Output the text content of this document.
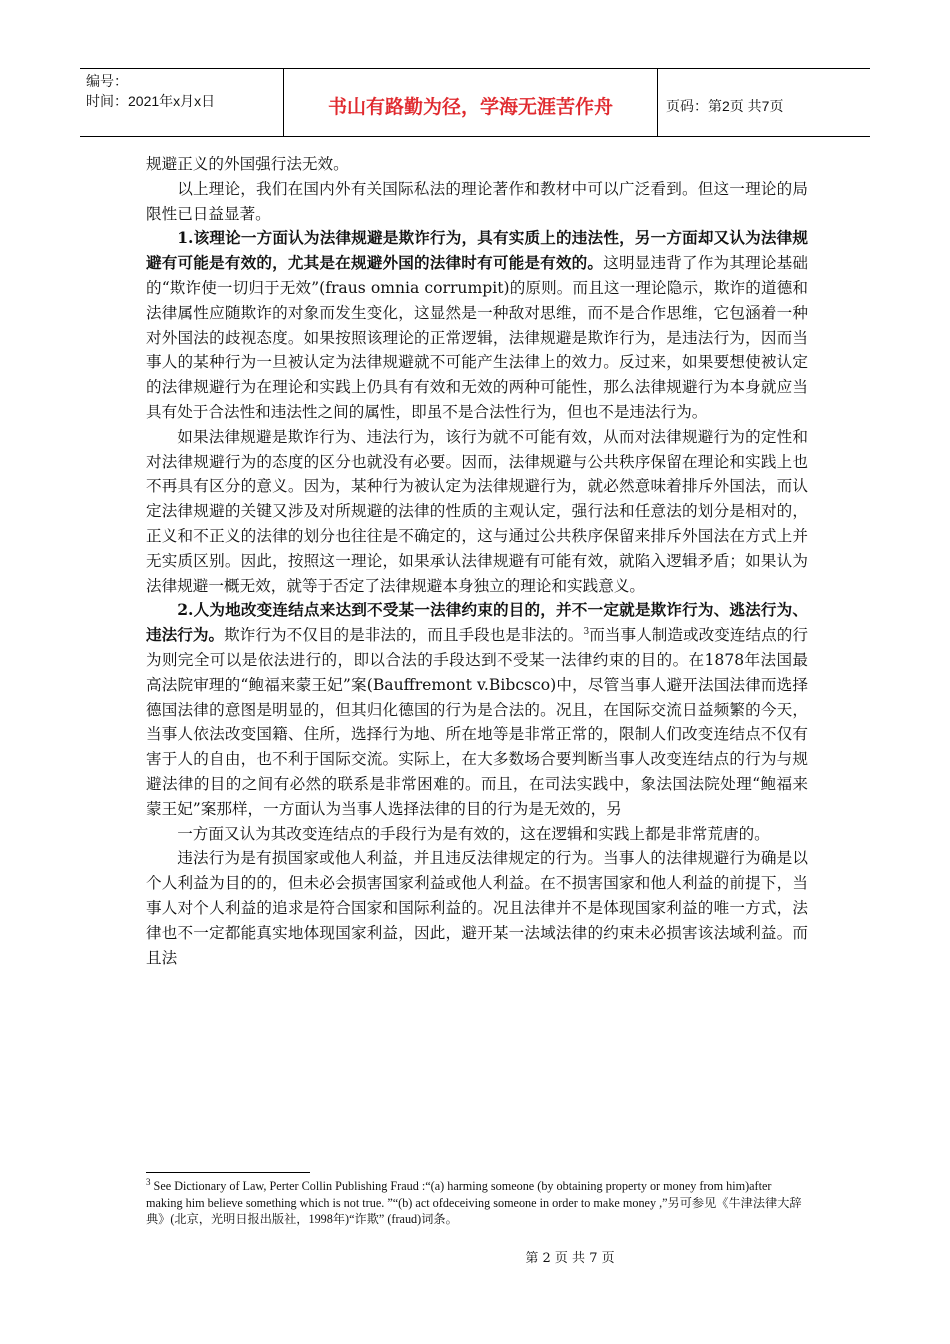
编号：
时间：2021年x月x日	书山有路勤为径，学海无涯苦作舟	页码：第2页 共7页

规避正义的外国强行法无效。

以上理论，我们在国内外有关国际私法的理论著作和教材中可以广泛看到。但这一理论的局限性已日益显著。

1.该理论一方面认为法律规避是欺诈行为，具有实质上的违法性，另一方面却又认为法律规避有可能是有效的，尤其是在规避外国的法律时有可能是有效的。这明显违背了作为其理论基础的“欺诈使一切归于无效”(fraus omnia corrumpit)的原则。而且这一理论隐示，欺诈的道德和法律属性应随欺诈的对象而发生变化，这显然是一种敌对思维，而不是合作思维，它包涵着一种对外国法的歧视态度。如果按照该理论的正常逻辑，法律规避是欺诈行为，是违法行为，因而当事人的某种行为一旦被认定为法律规避就不可能产生法律上的效力。反过来，如果要想使被认定的法律规避行为在理论和实践上仍具有有效和无效的两种可能性，那么法律规避行为本身就应当具有处于合法性和违法性之间的属性，即虽不是合法性行为，但也不是违法行为。

如果法律规避是欺诈行为、违法行为，该行为就不可能有效，从而对法律规避行为的定性和对法律规避行为的态度的区分也就没有必要。因而，法律规避与公共秩序保留在理论和实践上也不再具有区分的意义。因为，某种行为被认定为法律规避行为，就必然意味着排斥外国法，而认定法律规避的关键又涉及对所规避的法律的性质的主观认定，强行法和任意法的划分是相对的，正义和不正义的法律的划分也往往是不确定的，这与通过公共秩序保留来排斥外国法在方式上并无实质区别。因此，按照这一理论，如果承认法律规避有可能有效，就陷入逻辑矛盾；如果认为法律规避一概无效，就等于否定了法律规避本身独立的理论和实践意义。

2.人为地改变连结点来达到不受某一法律约束的目的，并不一定就是欺诈行为、逃法行为、违法行为。欺诈行为不仅目的是非法的，而且手段也是非法的。$^3$而当事人制造或改变连结点的行为则完全可以是依法进行的，即以合法的手段达到不受某一法律约束的目的。在1878年法国最高法院审理的“鲍福来蒙王妃”案(Bauffremont v.Bibcsco)中，尽管当事人避开法国法律而选择德国法律的意图是明显的，但其归化德国的行为是合法的。况且，在国际交流日益频繁的今天，当事人依法改变国籍、住所，选择行为地、所在地等是非常正常的，限制人们改变连结点不仅有害于人的自由，也不利于国际交流。实际上，在大多数场合要判断当事人改变连结点的行为与规避法律的目的之间有必然的联系是非常困难的。而且，在司法实践中，象法国法院处理“鲍福来蒙王妃”案那样，一方面认为当事人选择法律的目的行为是无效的，另

一方面又认为其改变连结点的手段行为是有效的，这在逻辑和实践上都是非常荒唐的。

违法行为是有损国家或他人利益，并且违反法律规定的行为。当事人的法律规避行为确是以个人利益为目的的，但未必会损害国家利益或他人利益。在不损害国家和他人利益的前提下，当事人对个人利益的追求是符合国家和国际利益的。况且法律并不是体现国家利益的唯一方式，法律也不一定都能真实地体现国家利益，因此，避开某一法域法律的约束未必损害该法域利益。而且法

$^3$ See Dictionary of Law, Perter Collin Publishing Fraud :“(a) harming someone (by obtaining property or money from him)after making him believe something which is not true. ”“(b) act ofdeceiving someone in order to make money ,”另可参见《牛津法律大辞典》(北京，光明日报出版社，1998年)“诈欺” (fraud)词条。
第 2 页 共 7 页
